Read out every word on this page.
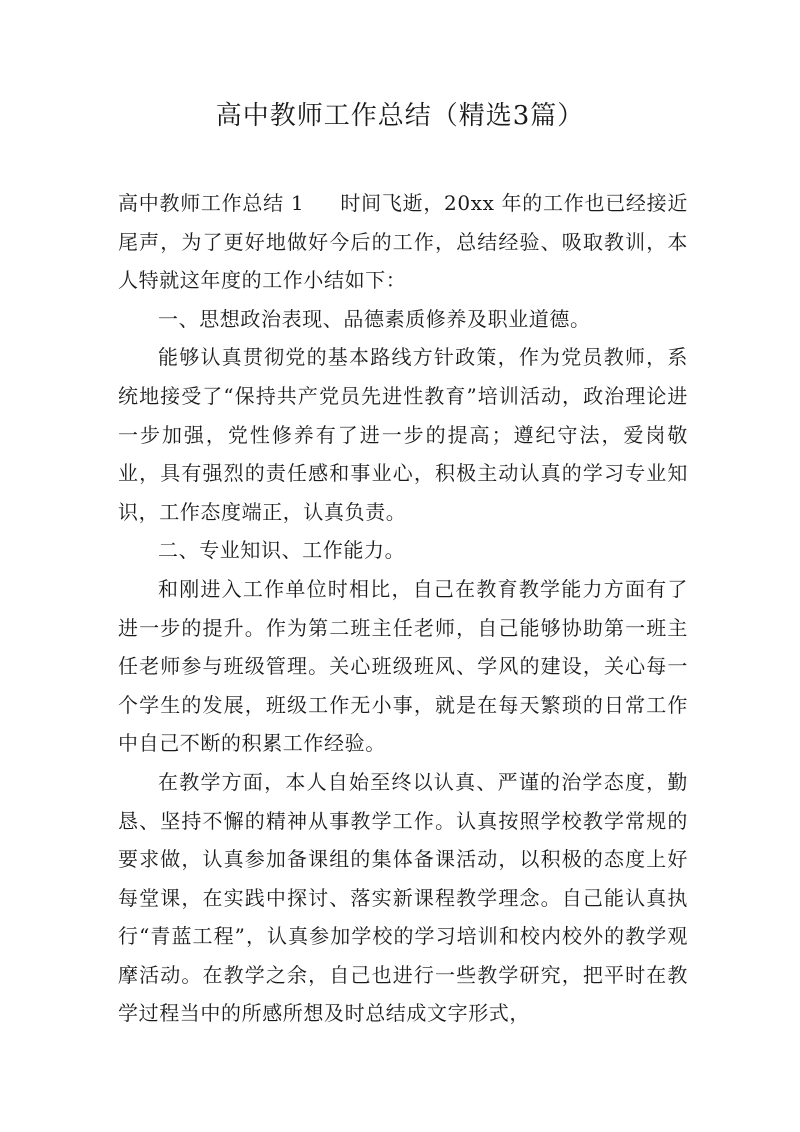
高中教师工作总结（精选3篇）

高中教师工作总结 1 时间飞逝，20xx 年的工作也已经接近尾声，为了更好地做好今后的工作，总结经验、吸取教训，本人特就这年度的工作小结如下：

一、思想政治表现、品德素质修养及职业道德。

能够认真贯彻党的基本路线方针政策，作为党员教师，系统地接受了“保持共产党员先进性教育”培训活动，政治理论进一步加强，党性修养有了进一步的提高；遵纪守法，爱岗敬业，具有强烈的责任感和事业心，积极主动认真的学习专业知识，工作态度端正，认真负责。

二、专业知识、工作能力。

和刚进入工作单位时相比，自己在教育教学能力方面有了进一步的提升。作为第二班主任老师，自己能够协助第一班主任老师参与班级管理。关心班级班风、学风的建设，关心每一个学生的发展，班级工作无小事，就是在每天繁琐的日常工作中自己不断的积累工作经验。

在教学方面，本人自始至终以认真、严谨的治学态度，勤恳、坚持不懈的精神从事教学工作。认真按照学校教学常规的要求做，认真参加备课组的集体备课活动，以积极的态度上好每堂课，在实践中探讨、落实新课程教学理念。自己能认真执行“青蓝工程”，认真参加学校的学习培训和校内校外的教学观摩活动。在教学之余，自己也进行一些教学研究，把平时在教学过程当中的所感所想及时总结成文字形式，
